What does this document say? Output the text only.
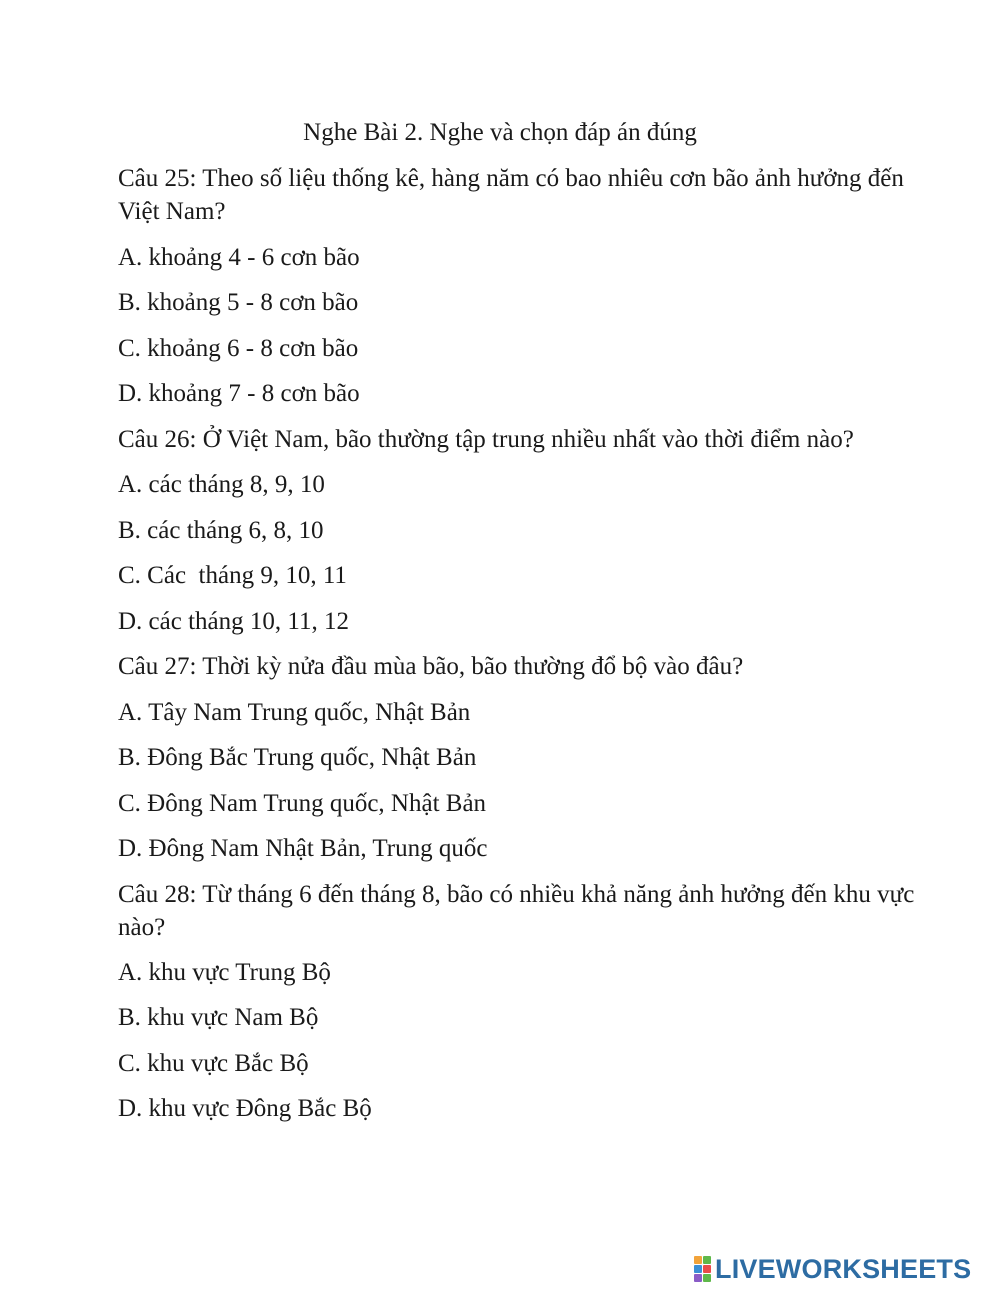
Nghe Bài 2. Nghe và chọn đáp án đúng
Câu 25: Theo số liệu thống kê, hàng năm có bao nhiêu cơn bão ảnh hưởng đến Việt Nam?
A. khoảng 4 - 6 cơn bão
B. khoảng 5 - 8 cơn bão
C. khoảng 6 - 8 cơn bão
D. khoảng 7 - 8 cơn bão
Câu 26: Ở Việt Nam, bão thường tập trung nhiều nhất vào thời điểm nào?
A. các tháng 8, 9, 10
B. các tháng 6, 8, 10
C. Các  tháng 9, 10, 11
D. các tháng 10, 11, 12
Câu 27: Thời kỳ nửa đầu mùa bão, bão thường đổ bộ vào đâu?
A. Tây Nam Trung quốc, Nhật Bản
B. Đông Bắc Trung quốc, Nhật Bản
C. Đông Nam Trung quốc, Nhật Bản
D. Đông Nam Nhật Bản, Trung quốc
Câu 28: Từ tháng 6 đến tháng 8, bão có nhiều khả năng ảnh hưởng đến khu vực nào?
A. khu vực Trung Bộ
B. khu vực Nam Bộ
C. khu vực Bắc Bộ
D. khu vực Đông Bắc Bộ
LIVEWORKSHEETS
